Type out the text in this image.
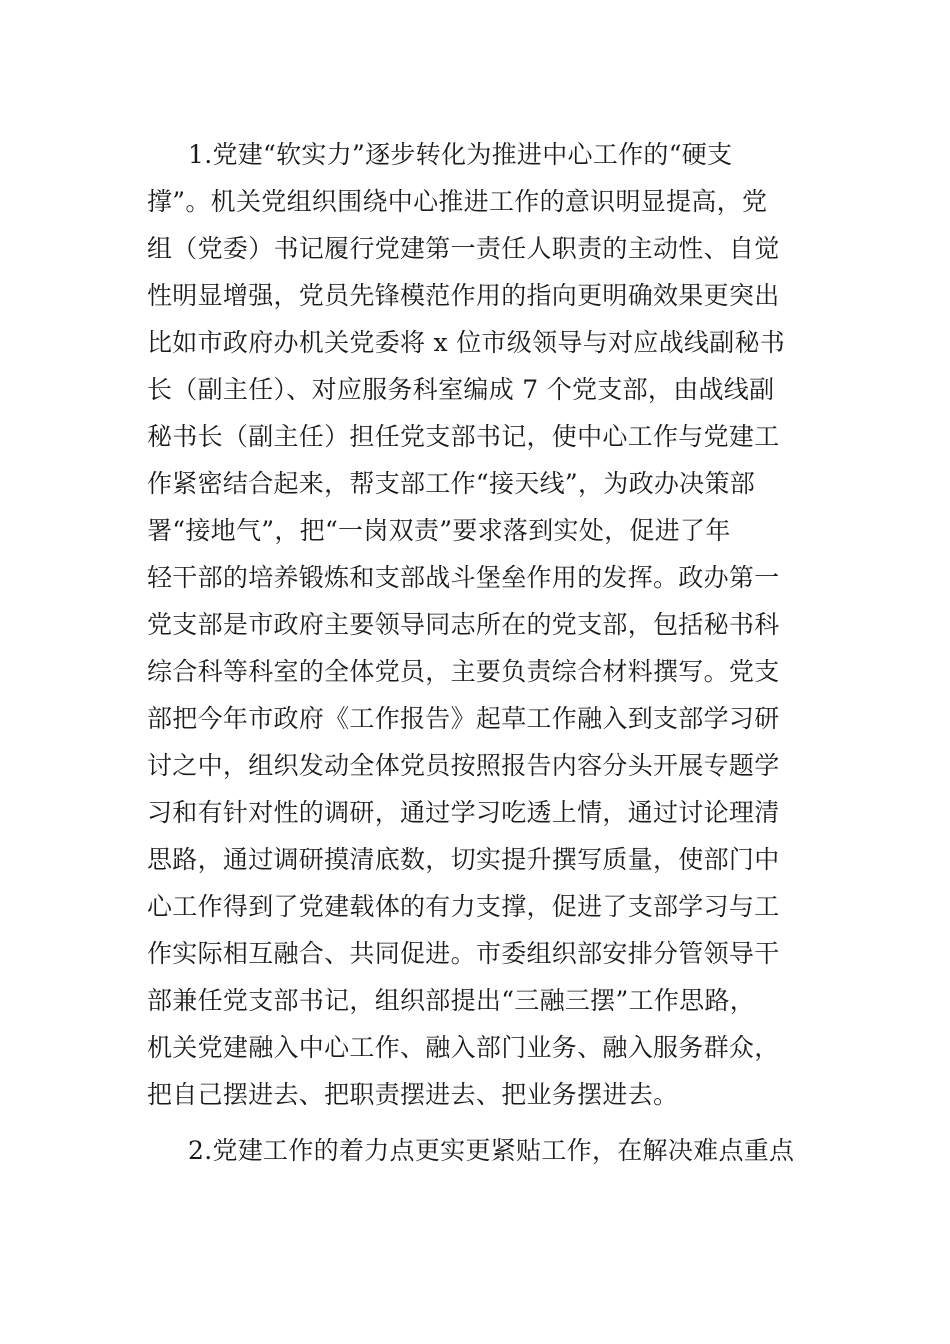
1.党建“软实力”逐步转化为推进中心工作的“硬支
撑”。机关党组织围绕中心推进工作的意识明显提高，党
组（党委）书记履行党建第一责任人职责的主动性、自觉
性明显增强，党员先锋模范作用的指向更明确效果更突出
比如市政府办机关党委将 x 位市级领导与对应战线副秘书
长（副主任）、对应服务科室编成 7 个党支部，由战线副
秘书长（副主任）担任党支部书记，使中心工作与党建工
作紧密结合起来，帮支部工作“接天线”，为政办决策部
署“接地气”，把“一岗双责”要求落到实处，促进了年
轻干部的培养锻炼和支部战斗堡垒作用的发挥。政办第一
党支部是市政府主要领导同志所在的党支部，包括秘书科
综合科等科室的全体党员，主要负责综合材料撰写。党支
部把今年市政府《工作报告》起草工作融入到支部学习研
讨之中，组织发动全体党员按照报告内容分头开展专题学
习和有针对性的调研，通过学习吃透上情，通过讨论理清
思路，通过调研摸清底数，切实提升撰写质量，使部门中
心工作得到了党建载体的有力支撑，促进了支部学习与工
作实际相互融合、共同促进。市委组织部安排分管领导干
部兼任党支部书记，组织部提出“三融三摆”工作思路，
机关党建融入中心工作、融入部门业务、融入服务群众，
把自己摆进去、把职责摆进去、把业务摆进去。
2.党建工作的着力点更实更紧贴工作，在解决难点重点
